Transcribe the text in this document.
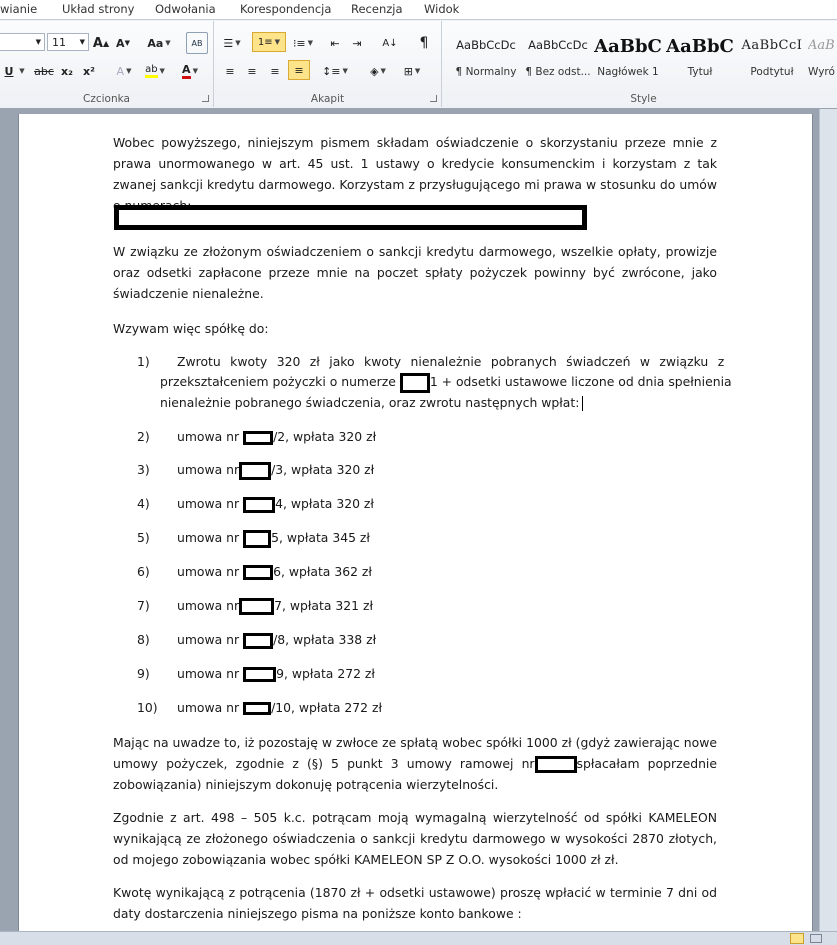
wianie Układ strony Odwołania Korespondencja Recenzja Widok
▼ 11 ▼ A ▲ A ▼ Aa ▼	AB
U ▼ abc x₂ x²	A ▼ ab ▼ A ▼
Czcionka
☰ ▼ 1≡ ▼ ⁝≡ ▼	⇤	⇥	A↓ ¶
≡	≡	≡	≡	↕≡ ▼ ◈ ▼ ⊞ ▼
Akapit
AaBbCcDc
¶ Normalny
AaBbCcDc
¶ Bez odst...
AaBbC
Nagłówek 1
AaBbC
Tytuł
AaBbCcI
Podtytuł
AaB
Wyró
Style
Wobec powyższego, niniejszym pismem składam oświadczenie o skorzystaniu przeze mnie z prawa unormowanego w art. 45 ust. 1 ustawy o kredycie konsumenckim i korzystam z tak zwanej sankcji kredytu darmowego. Korzystam z przysługującego mi prawa w stosunku do umów
W związku ze złożonym oświadczeniem o sankcji kredytu darmowego, wszelkie opłaty, prowizje oraz odsetki zapłacone przeze mnie na poczet spłaty pożyczek powinny być zwrócone, jako świadczenie nienależne.
Wzywam więc spółkę do:
1) Zwrotu kwoty 320 zł jako kwoty nienależnie pobranych świadczeń w związku z
przekształceniem pożyczki o numerze	1 + odsetki ustawowe liczone od dnia spełnienia
nienależnie pobranego świadczenia, oraz zwrotu następnych wpłat:
2) umowa nr	/2, wpłata 320 zł
3) umowa nr	/3, wpłata 320 zł
4) umowa nr	4, wpłata 320 zł
5) umowa nr	5, wpłata 345 zł
6) umowa nr	6, wpłata 362 zł
7) umowa nr	7, wpłata 321 zł
8) umowa nr	/8, wpłata 338 zł
9) umowa nr	9, wpłata 272 zł
10) umowa nr	/10, wpłata 272 zł
Mając na uwadze to, iż pozostaję w zwłoce ze spłatą wobec spółki 1000 zł (gdyż zawierając nowe umowy pożyczek, zgodnie z (§) 5 punkt 3 umowy ramowej nr	spłacałam poprzednie zobowiązania) niniejszym dokonuję potrącenia wierzytelności.
Zgodnie z art. 498 – 505 k.c. potrącam moją wymagalną wierzytelność od spółki KAMELEON wynikającą ze złożonego oświadczenia o sankcji kredytu darmowego w wysokości 2870 złotych, od mojego zobowiązania wobec spółki KAMELEON SP Z O.O. wysokości 1000 zł zł.
Kwotę wynikającą z potrącenia (1870 zł + odsetki ustawowe) proszę wpłacić w terminie 7 dni od daty dostarczenia niniejszego pisma na poniższe konto bankowe :
